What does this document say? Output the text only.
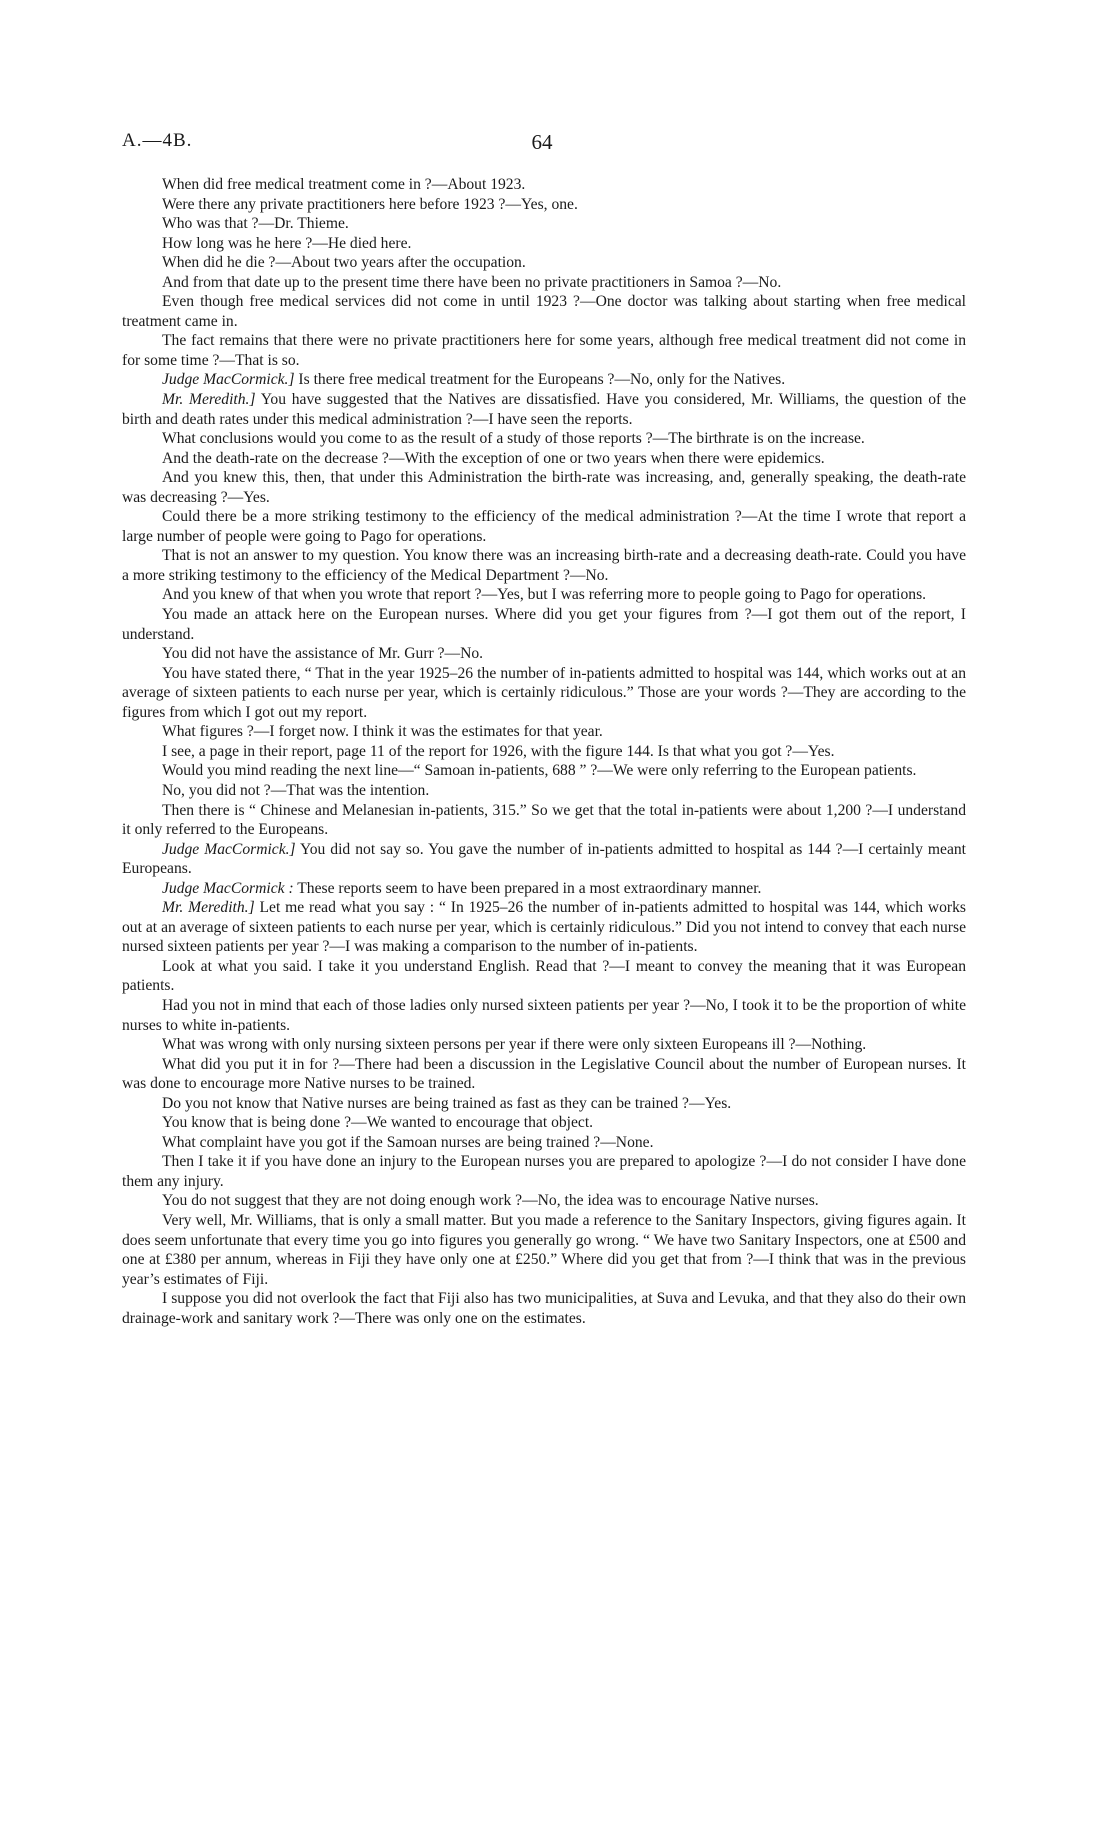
A.—4B.	64

When did free medical treatment come in ?—About 1923.

Were there any private practitioners here before 1923 ?—Yes, one.

Who was that ?—Dr. Thieme.

How long was he here ?—He died here.

When did he die ?—About two years after the occupation.

And from that date up to the present time there have been no private practitioners in Samoa ?—No.

Even though free medical services did not come in until 1923 ?—One doctor was talking about starting when free medical treatment came in.

The fact remains that there were no private practitioners here for some years, although free medical treatment did not come in for some time ?—That is so.

Judge MacCormick.] Is there free medical treatment for the Europeans ?—No, only for the Natives.

Mr. Meredith.] You have suggested that the Natives are dissatisfied. Have you considered, Mr. Williams, the question of the birth and death rates under this medical administration ?—I have seen the reports.

What conclusions would you come to as the result of a study of those reports ?—The birthrate is on the increase.

And the death-rate on the decrease ?—With the exception of one or two years when there were epidemics.

And you knew this, then, that under this Administration the birth-rate was increasing, and, generally speaking, the death-rate was decreasing ?—Yes.

Could there be a more striking testimony to the efficiency of the medical administration ?—At the time I wrote that report a large number of people were going to Pago for operations.

That is not an answer to my question. You know there was an increasing birth-rate and a decreasing death-rate. Could you have a more striking testimony to the efficiency of the Medical Department ?—No.

And you knew of that when you wrote that report ?—Yes, but I was referring more to people going to Pago for operations.

You made an attack here on the European nurses. Where did you get your figures from ?—I got them out of the report, I understand.

You did not have the assistance of Mr. Gurr ?—No.

You have stated there, “ That in the year 1925–26 the number of in-patients admitted to hospital was 144, which works out at an average of sixteen patients to each nurse per year, which is certainly ridiculous.” Those are your words ?—They are according to the figures from which I got out my report.

What figures ?—I forget now. I think it was the estimates for that year.

I see, a page in their report, page 11 of the report for 1926, with the figure 144. Is that what you got ?—Yes.

Would you mind reading the next line—“ Samoan in-patients, 688 ” ?—We were only referring to the European patients.

No, you did not ?—That was the intention.

Then there is “ Chinese and Melanesian in-patients, 315.” So we get that the total in-patients were about 1,200 ?—I understand it only referred to the Europeans.

Judge MacCormick.] You did not say so. You gave the number of in-patients admitted to hospital as 144 ?—I certainly meant Europeans.

Judge MacCormick : These reports seem to have been prepared in a most extraordinary manner.

Mr. Meredith.] Let me read what you say : “ In 1925–26 the number of in-patients admitted to hospital was 144, which works out at an average of sixteen patients to each nurse per year, which is certainly ridiculous.” Did you not intend to convey that each nurse nursed sixteen patients per year ?—I was making a comparison to the number of in-patients.

Look at what you said. I take it you understand English. Read that ?—I meant to convey the meaning that it was European patients.

Had you not in mind that each of those ladies only nursed sixteen patients per year ?—No, I took it to be the proportion of white nurses to white in-patients.

What was wrong with only nursing sixteen persons per year if there were only sixteen Europeans ill ?—Nothing.

What did you put it in for ?—There had been a discussion in the Legislative Council about the number of European nurses. It was done to encourage more Native nurses to be trained.

Do you not know that Native nurses are being trained as fast as they can be trained ?—Yes.

You know that is being done ?—We wanted to encourage that object.

What complaint have you got if the Samoan nurses are being trained ?—None.

Then I take it if you have done an injury to the European nurses you are prepared to apologize ?—I do not consider I have done them any injury.

You do not suggest that they are not doing enough work ?—No, the idea was to encourage Native nurses.

Very well, Mr. Williams, that is only a small matter. But you made a reference to the Sanitary Inspectors, giving figures again. It does seem unfortunate that every time you go into figures you generally go wrong. “ We have two Sanitary Inspectors, one at £500 and one at £380 per annum, whereas in Fiji they have only one at £250.” Where did you get that from ?—I think that was in the previous year’s estimates of Fiji.

I suppose you did not overlook the fact that Fiji also has two municipalities, at Suva and Levuka, and that they also do their own drainage-work and sanitary work ?—There was only one on the estimates.
